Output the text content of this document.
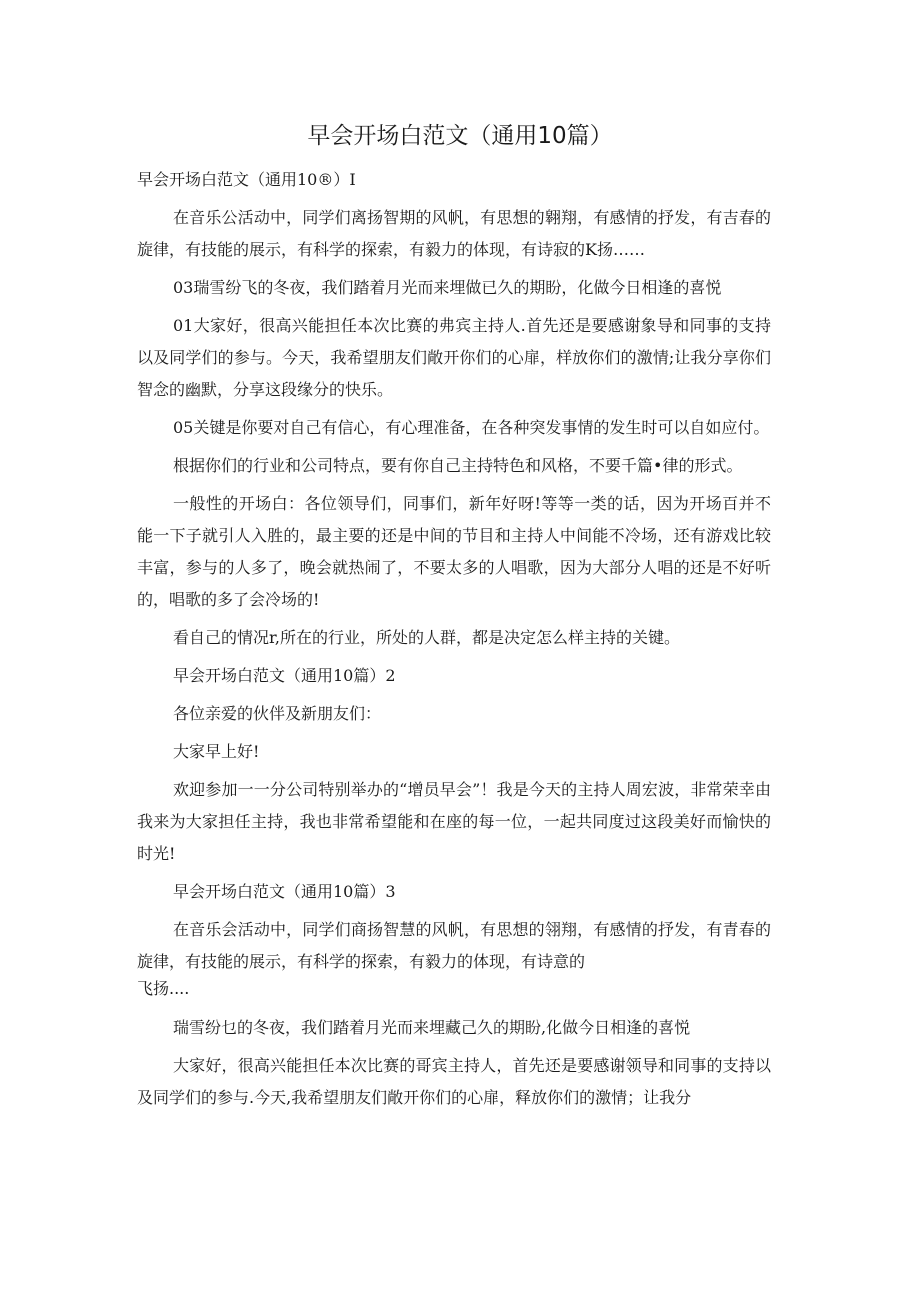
早会开场白范文（通用10篇）

早会开场白范文（通用10®）I

在音乐公活动中，同学们离扬智期的风帆，有思想的翱翔，有感情的抒发，有吉春的旋律，有技能的展示，有科学的探索，有毅力的体现，有诗寂的K扬……

03瑞雪纷飞的冬夜，我们踏着月光而来埋做已久的期盼，化做今日相逢的喜悦

01大家好，很高兴能担任本次比赛的弗宾主持人.首先还是要感谢象导和同事的支持以及同学们的参与。今天，我希望朋友们敞开你们的心扉，样放你们的激情;让我分享你们智念的幽默，分享这段缘分的快乐。

05关键是你要对自己有信心，有心理准备，在各种突发事情的发生时可以自如应付。

根据你们的行业和公司特点，要有你自己主持特色和风格，不要千篇•律的形式。

一般性的开场白：各位领导们，同事们，新年好呀!等等一类的话，因为开场百并不能一下子就引人入胜的，最主要的还是中间的节目和主持人中间能不冷场，还有游戏比较丰富，参与的人多了，晚会就热闹了，不要太多的人唱歌，因为大部分人唱的还是不好听的，唱歌的多了会冷场的!

看自己的情况r,所在的行业，所处的人群，都是决定怎么样主持的关键。

早会开场白范文（通用10篇）2

各位亲爱的伙伴及新朋友们：

大家早上好!

欢迎参加一一分公司特别举办的“增员早会”！我是今天的主持人周宏波，非常荣幸由我来为大家担任主持，我也非常希望能和在座的每一位，一起共同度过这段美好而愉快的时光!

早会开场白范文（通用10篇）3

在音乐会活动中，同学们商扬智慧的风帆，有思想的翎翔，有感情的抒发，有青春的旋律，有技能的展示，有科学的探索，有毅力的体现，有诗意的

飞扬....

瑞雪纷乜的冬夜，我们踏着月光而来埋藏己久的期盼,化做今日相逢的喜悦

大家好，很高兴能担任本次比赛的哥宾主持人，首先还是要感谢领导和同事的支持以及同学们的参与.今天,我希望朋友们敞开你们的心扉，释放你们的激情；让我分
